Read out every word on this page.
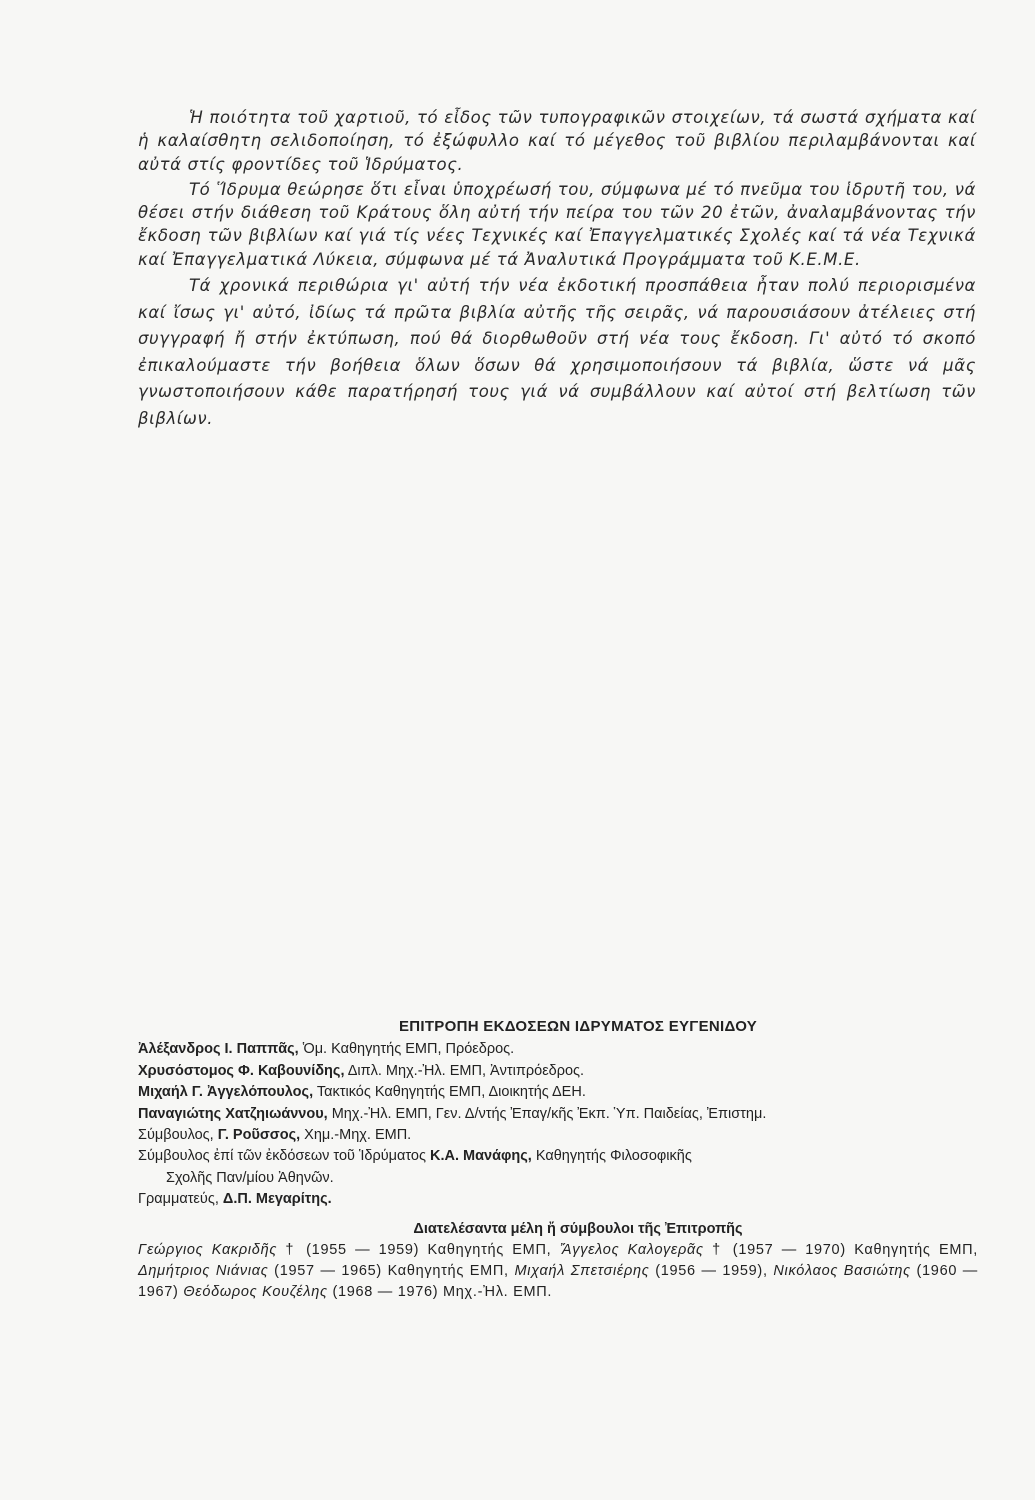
Ἡ ποιότητα τοῦ χαρτιοῦ, τό εἶδος τῶν τυπογραφικῶν στοιχείων, τά σωστά σχήματα καί ἡ καλαίσθητη σελιδοποίηση, τό ἐξώφυλλο καί τό μέγεθος τοῦ βιβλίου περιλαμβάνονται καί αὐτά στίς φροντίδες τοῦ Ἱδρύματος.

Τό Ἵδρυμα θεώρησε ὅτι εἶναι ὑποχρέωσή του, σύμφωνα μέ τό πνεῦμα του ἱδρυτῆ του, νά θέσει στήν διάθεση τοῦ Κράτους ὅλη αὐτή τήν πείρα του τῶν 20 ἐτῶν, ἀναλαμβάνοντας τήν ἔκδοση τῶν βιβλίων καί γιά τίς νέες Τεχνικές καί Ἐπαγγελματικές Σχολές καί τά νέα Τεχνικά καί Ἐπαγγελματικά Λύκεια, σύμφωνα μέ τά Ἀναλυτικά Προγράμματα τοῦ Κ.Ε.Μ.Ε.

Τά χρονικά περιθώρια γι' αὐτή τήν νέα ἐκδοτική προσπάθεια ἦταν πολύ περιορισμένα καί ἴσως γι' αὐτό, ἰδίως τά πρῶτα βιβλία αὐτῆς τῆς σειρᾶς, νά παρουσιάσουν ἀτέλειες στή συγγραφή ἤ στήν ἐκτύπωση, πού θά διορθωθοῦν στή νέα τους ἔκδοση. Γι' αὐτό τό σκοπό ἐπικαλούμαστε τήν βοήθεια ὅλων ὅσων θά χρησιμοποιήσουν τά βιβλία, ὥστε νά μᾶς γνωστοποιήσουν κάθε παρατήρησή τους γιά νά συμβάλλουν καί αὐτοί στή βελτίωση τῶν βιβλίων.

ΕΠΙΤΡΟΠΗ ΕΚΔΟΣΕΩΝ ΙΔΡΥΜΑΤΟΣ ΕΥΓΕΝΙΔΟΥ
Ἀλέξανδρος Ι. Παππᾶς, Ὁμ. Καθηγητής ΕΜΠ, Πρόεδρος.
Χρυσόστομος Φ. Καβουνίδης, Διπλ. Μηχ.-Ἠλ. ΕΜΠ, Ἀντιπρόεδρος.
Μιχαήλ Γ. Ἀγγελόπουλος, Τακτικός Καθηγητής ΕΜΠ, Διοικητής ΔΕΗ.
Παναγιώτης Χατζηιωάννου, Μηχ.-Ἠλ. ΕΜΠ, Γεν. Δ/ντής Ἐπαγ/κῆς Ἐκπ. Ὑπ. Παιδείας, Ἐπιστημ.
Σύμβουλος, Γ. Ροῦσσος, Χημ.-Μηχ. ΕΜΠ.
Σύμβουλος ἐπί τῶν ἐκδόσεων τοῦ Ἱδρύματος Κ.Α. Μανάφης, Καθηγητής Φιλοσοφικῆς
Σχολῆς Παν/μίου Ἀθηνῶν.
Γραμματεύς, Δ.Π. Μεγαρίτης.
Διατελέσαντα μέλη ἤ σύμβουλοι τῆς Ἐπιτροπῆς

Γεώργιος Κακριδῆς † (1955 — 1959) Καθηγητής ΕΜΠ, Ἄγγελος Καλογερᾶς † (1957 — 1970) Καθηγητής ΕΜΠ, Δημήτριος Νιάνιας (1957 — 1965) Καθηγητής ΕΜΠ, Μιχαήλ Σπετσιέρης (1956 — 1959), Νικόλαος Βασιώτης (1960 — 1967) Θεόδωρος Κουζέλης (1968 — 1976) Μηχ.-Ἠλ. ΕΜΠ.
